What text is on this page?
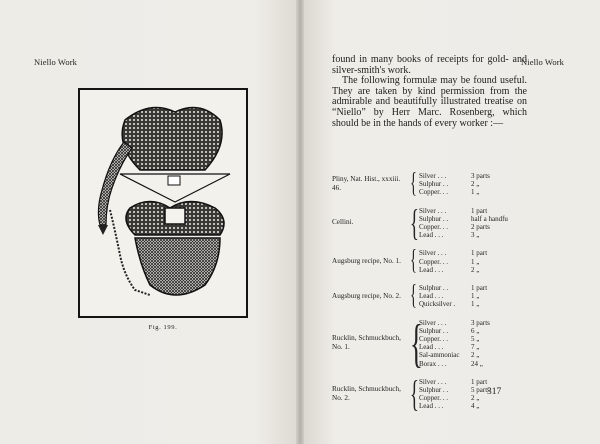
Niello Work
Fig. 199.
Niello Work

found in many books of receipts for gold- and silver-smith's work.

The following formulæ may be found useful. They are taken by kind permission from the admirable and beautifully illustrated treatise on “Niello” by Herr Marc. Rosenberg, which should be in the hands of every worker :—

Pliny, Nat. Hist., xxxiii. 46.	{ Silver . . .	3 parts
Sulphur . .	2 „
Copper. . .	1 „
Cellini.	{ Silver . . .	1 part
Sulphur . .	half a handfu
Copper. . .	2 parts
Lead . . .	3 „
Augsburg recipe, No. 1. { Silver . . .	1 part
Copper. . .	1 „
Lead . . .	2 „
Augsburg recipe, No. 2. { Sulphur . .	1 part
Lead . . .	1 „
Quicksilver .	1 „
Rucklin, Schmuckbuch, No. 1.	{
Silver . . .	3 parts
Sulphur . .	6 „
Copper. . .	5 „
Lead . . .	7 „
Sal-ammoniac	2 „
Borax . . .	24 „
Rucklin, Schmuckbuch, No. 2.	{ Silver . . .	1 part
Sulphur . .	5 parts
Copper. . .	2 „
Lead . . .	4 „
317
